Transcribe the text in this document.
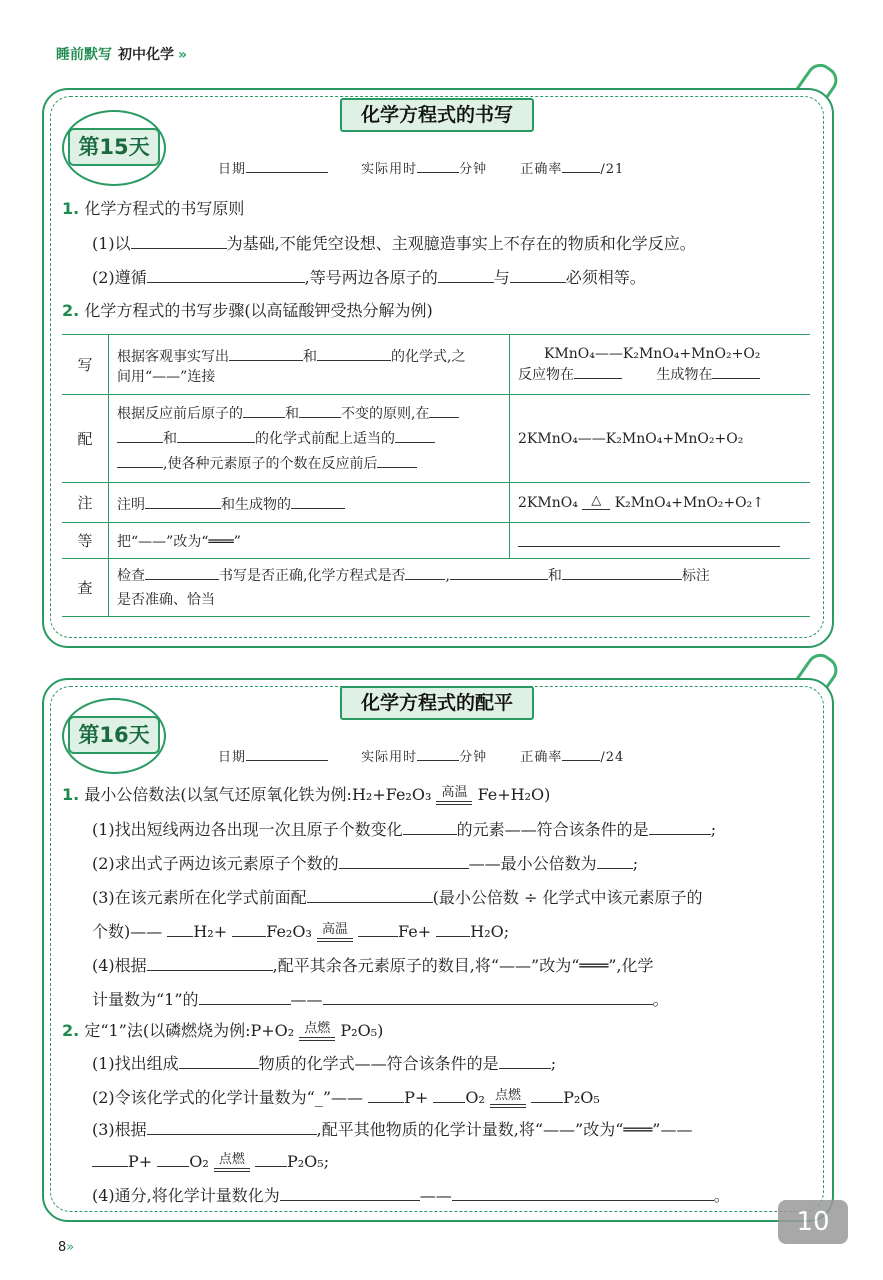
睡前默写 初中化学 »
化学方程式的书写
第15天
日期	实际用时	分钟	正确率	/21
1. 化学方程式的书写原则
(1)以	为基础,不能凭空设想、主观臆造事实上不存在的物质和化学反应。
(2)遵循	,等号两边各原子的	与	必须相等。
2. 化学方程式的书写步骤(以高锰酸钾受热分解为例)
写	根据客观事实写出 和 的化学式,之
间用“——”连接	KMnO₄——K₂MnO₄+MnO₂+O₂
反应物在 生成物在
配	根据反应前后原子的 和 不变的原则,在
和 的化学式前配上适当的
,使各种元素原子的个数在反应前后	2KMnO₄——K₂MnO₄+MnO₂+O₂
注	注明 和生成物的	2KMnO₄ △ K₂MnO₄+MnO₂+O₂↑
等	把“——”改为“═══”	
查	检查 书写是否正确,化学方程式是否 , 和 标注
是否准确、恰当	
化学方程式的配平
第16天
日期	实际用时	分钟	正确率	/24
1. 最小公倍数法(以氢气还原氧化铁为例:H₂+Fe₂O₃ 高温 Fe+H₂O)
(1)找出短线两边各出现一次且原子个数变化	的元素——符合该条件的是	;
(2)求出式子两边该元素原子个数的	——最小公倍数为 ;
(3)在该元素所在化学式前面配	(最小公倍数 ÷ 化学式中该元素原子的
个数)—— H₂+ Fe₂O₃ 高温	Fe+ H₂O;
(4)根据	,配平其余各元素原子的数目,将“——”改为“═══”,化学
计量数为“1”的	——	。
2. 定“1”法(以磷燃烧为例:P+O₂ 点燃 P₂O₅)
(1)找出组成	物质的化学式——符合该条件的是	;
(2)令该化学式的化学计量数为“_”——	P+ O₂ 点燃	P₂O₅
(3)根据	,配平其他物质的化学计量数,将“——”改为“═══”——
P+ O₂ 点燃	P₂O₅;
(4)通分,将化学计量数化为	——	。
8»
10
